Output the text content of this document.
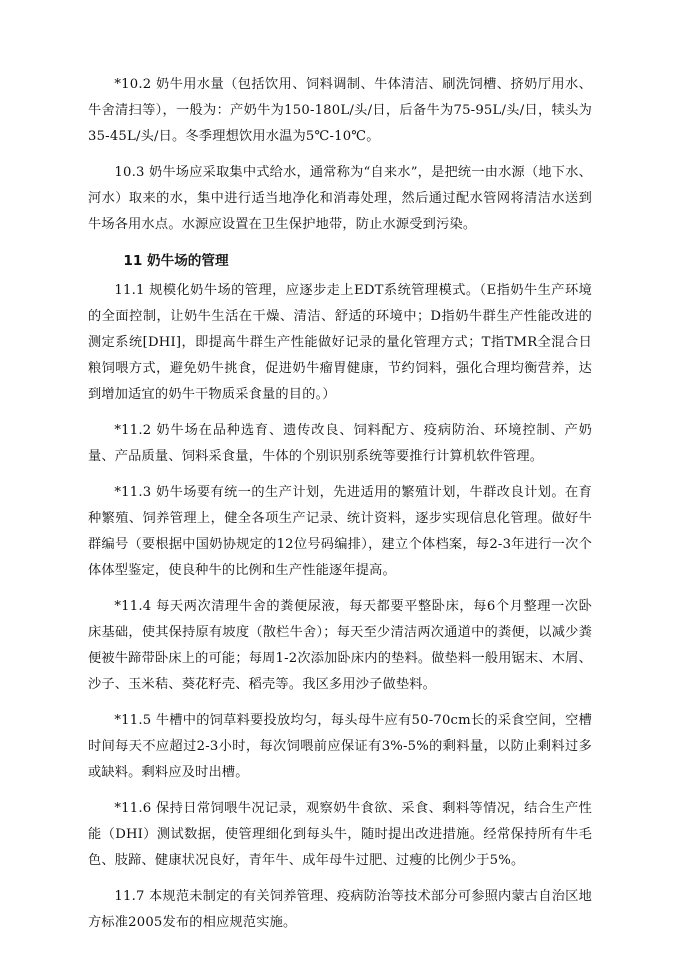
*10.2 奶牛用水量（包括饮用、饲料调制、牛体清洁、刷洗饲槽、挤奶厅用水、牛舍清扫等），一般为：产奶牛为150-180L/头/日，后备牛为75-95L/头/日，犊头为35-45L/头/日。冬季理想饮用水温为5℃-10℃。

10.3 奶牛场应采取集中式给水，通常称为“自来水”，是把统一由水源（地下水、河水）取来的水，集中进行适当地净化和消毒处理，然后通过配水管网将清洁水送到牛场各用水点。水源应设置在卫生保护地带，防止水源受到污染。

11 奶牛场的管理

11.1 规模化奶牛场的管理，应逐步走上EDT系统管理模式。（E指奶牛生产环境的全面控制，让奶牛生活在干燥、清洁、舒适的环境中；D指奶牛群生产性能改进的测定系统[DHI]，即提高牛群生产性能做好记录的量化管理方式；T指TMR全混合日粮饲喂方式，避免奶牛挑食，促进奶牛瘤胃健康，节约饲料，强化合理均衡营养，达到增加适宜的奶牛干物质采食量的目的。）

*11.2 奶牛场在品种选育、遗传改良、饲料配方、疫病防治、环境控制、产奶量、产品质量、饲料采食量，牛体的个别识别系统等要推行计算机软件管理。

*11.3 奶牛场要有统一的生产计划，先进适用的繁殖计划，牛群改良计划。在育种繁殖、饲养管理上，健全各项生产记录、统计资料，逐步实现信息化管理。做好牛群编号（要根据中国奶协规定的12位号码编排），建立个体档案，每2-3年进行一次个体体型鉴定，使良种牛的比例和生产性能逐年提高。

*11.4 每天两次清理牛舍的粪便尿液，每天都要平整卧床，每6个月整理一次卧床基础，使其保持原有坡度（散栏牛舍）；每天至少清洁两次通道中的粪便，以减少粪便被牛蹄带卧床上的可能；每周1-2次添加卧床内的垫料。做垫料一般用锯末、木屑、沙子、玉米秸、葵花籽壳、稻壳等。我区多用沙子做垫料。

*11.5 牛槽中的饲草料要投放均匀，每头母牛应有50-70cm长的采食空间，空槽时间每天不应超过2-3小时，每次饲喂前应保证有3%-5%的剩料量，以防止剩料过多或缺料。剩料应及时出槽。

*11.6 保持日常饲喂牛况记录，观察奶牛食欲、采食、剩料等情况，结合生产性能（DHI）测试数据，使管理细化到每头牛，随时提出改进措施。经常保持所有牛毛色、肢蹄、健康状况良好，青年牛、成年母牛过肥、过瘦的比例少于5%。

11.7 本规范未制定的有关饲养管理、疫病防治等技术部分可参照内蒙古自治区地方标准2005发布的相应规范实施。
